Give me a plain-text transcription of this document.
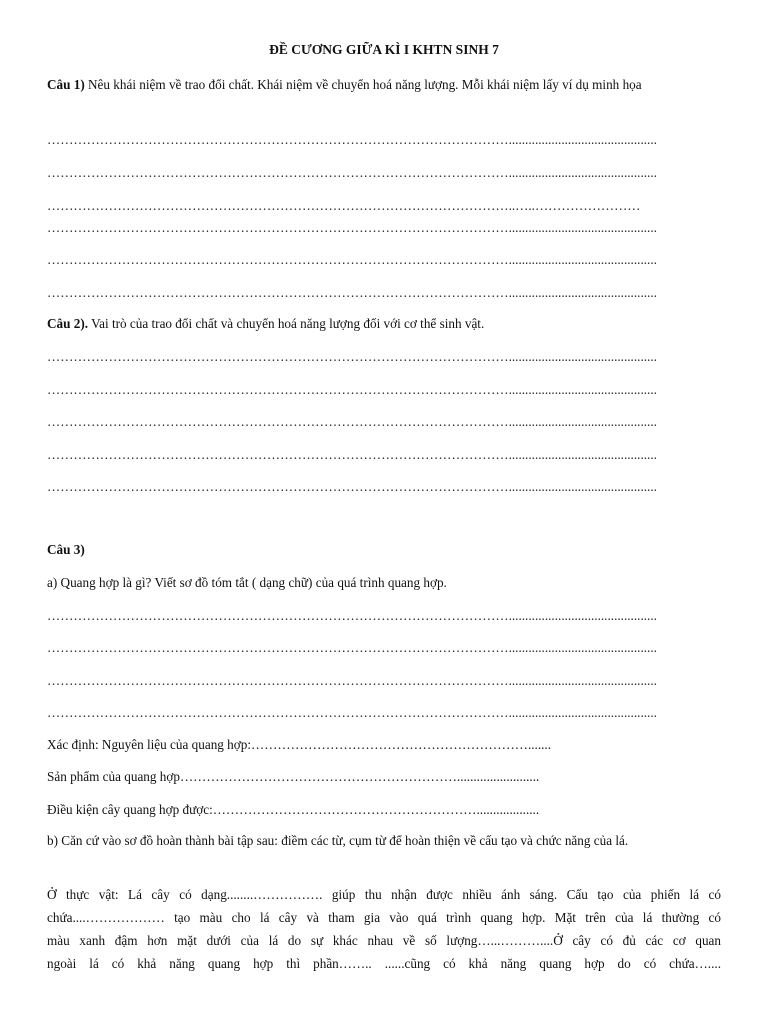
ĐỀ CƯƠNG GIỮA KÌ I KHTN SINH 7
Câu 1) Nêu khái niệm về trao đổi chất. Khái niệm về chuyển hoá năng lượng. Mỗi khái niệm lấy ví dụ minh họa
…………………………………………………………………………………………….............................................
…………………………………………………………………………………………….............................................
……………………………………………………………………………………………..…..……………………
…………………………………………………………………………………………….............................................
…………………………………………………………………………………………….............................................
…………………………………………………………………………………………….............................................
Câu 2). Vai trò của trao đổi chất và chuyển hoá năng lượng đối với cơ thể sinh vật.
…………………………………………………………………………………………….............................................
…………………………………………………………………………………………….............................................
…………………………………………………………………………………………….............................................
…………………………………………………………………………………………….............................................
…………………………………………………………………………………………….............................................
Câu 3)
a) Quang hợp là gì? Viết sơ đồ tóm tắt ( dạng chữ) của quá trình quang hợp.
…………………………………………………………………………………………….............................................
…………………………………………………………………………………………….............................................
…………………………………………………………………………………………….............................................
…………………………………………………………………………………………….............................................
Xác định: Nguyên liệu của quang hợp:……………………………………………………….......
Sản phẩm của quang hợp……………………………………………………….........................
Điều kiện cây quang hợp được:……………………………………………………...................
b) Căn cứ vào sơ đồ hoàn thành bài tập sau: điềm các từ, cụm từ để hoàn thiện về cấu tạo và chức năng của lá.
Ở thực vật: Lá cây có dạng........……………. giúp thu nhận được nhiều ánh sáng. Cấu tạo của phiến lá có
chứa....……………… tạo màu cho lá cây và tham gia vào quá trình quang hợp. Mặt trên của lá thường có
màu xanh đậm hơn mặt dưới của lá do sự khác nhau về số lượng…...………....Ở cây có đủ các cơ quan
ngoài lá có khả năng quang hợp thì phần…….. ......cũng có khả năng quang hợp do có chứa…....
